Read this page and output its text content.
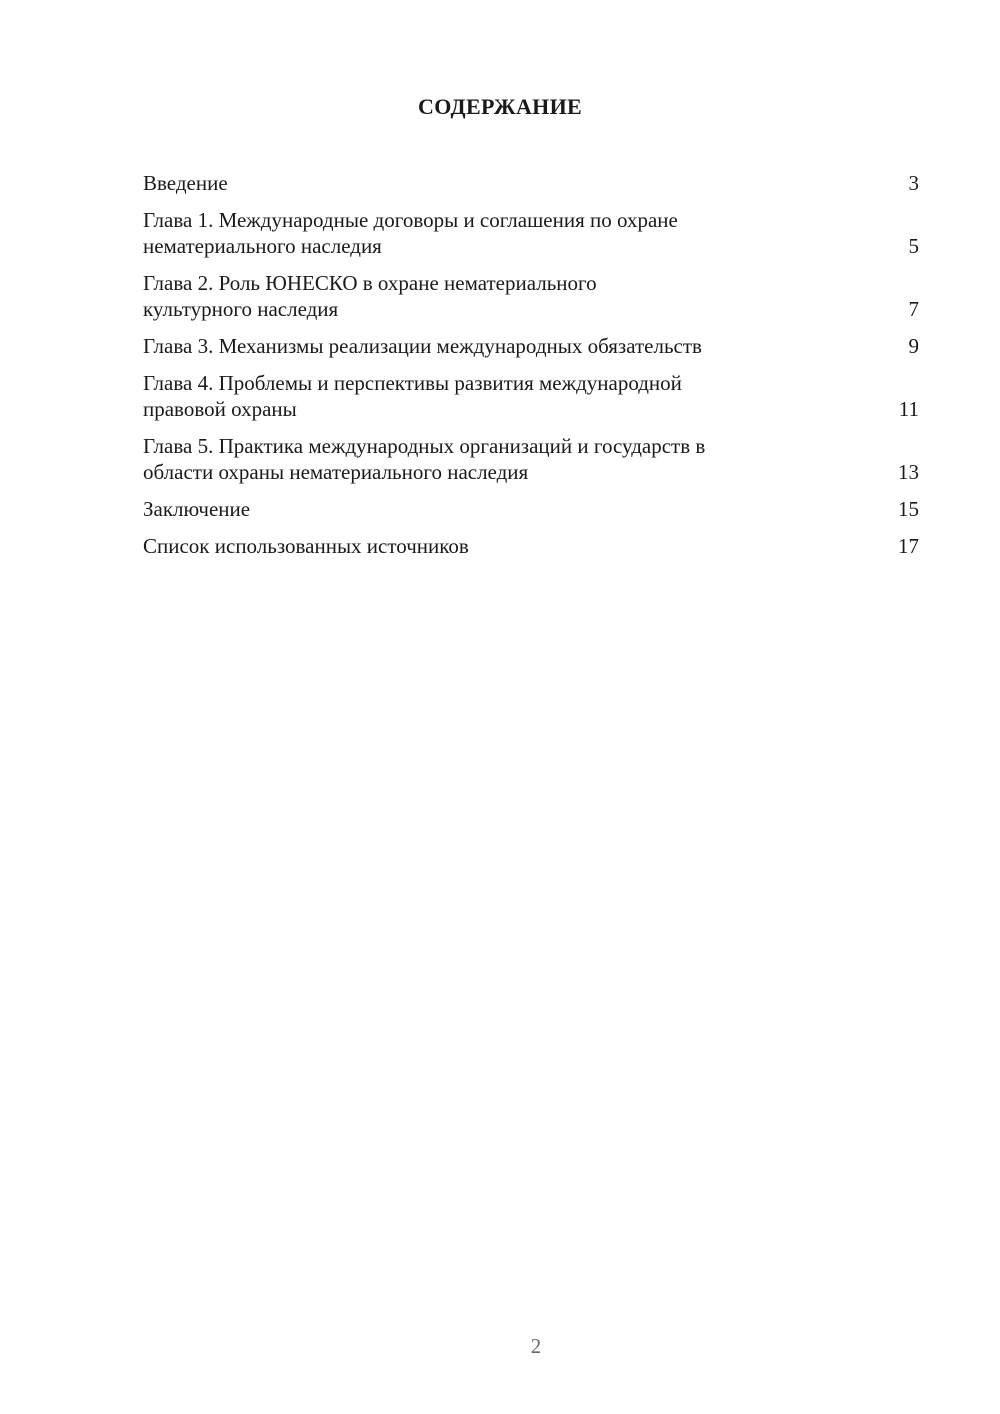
СОДЕРЖАНИЕ
Введение	3
Глава 1. Международные договоры и соглашения по охране
нематериального наследия	5
Глава 2. Роль ЮНЕСКО в охране нематериального
культурного наследия	7
Глава 3. Механизмы реализации международных обязательств	9
Глава 4. Проблемы и перспективы развития международной
правовой охраны	11
Глава 5. Практика международных организаций и государств в
области охраны нематериального наследия	13
Заключение	15
Список использованных источников	17
2
